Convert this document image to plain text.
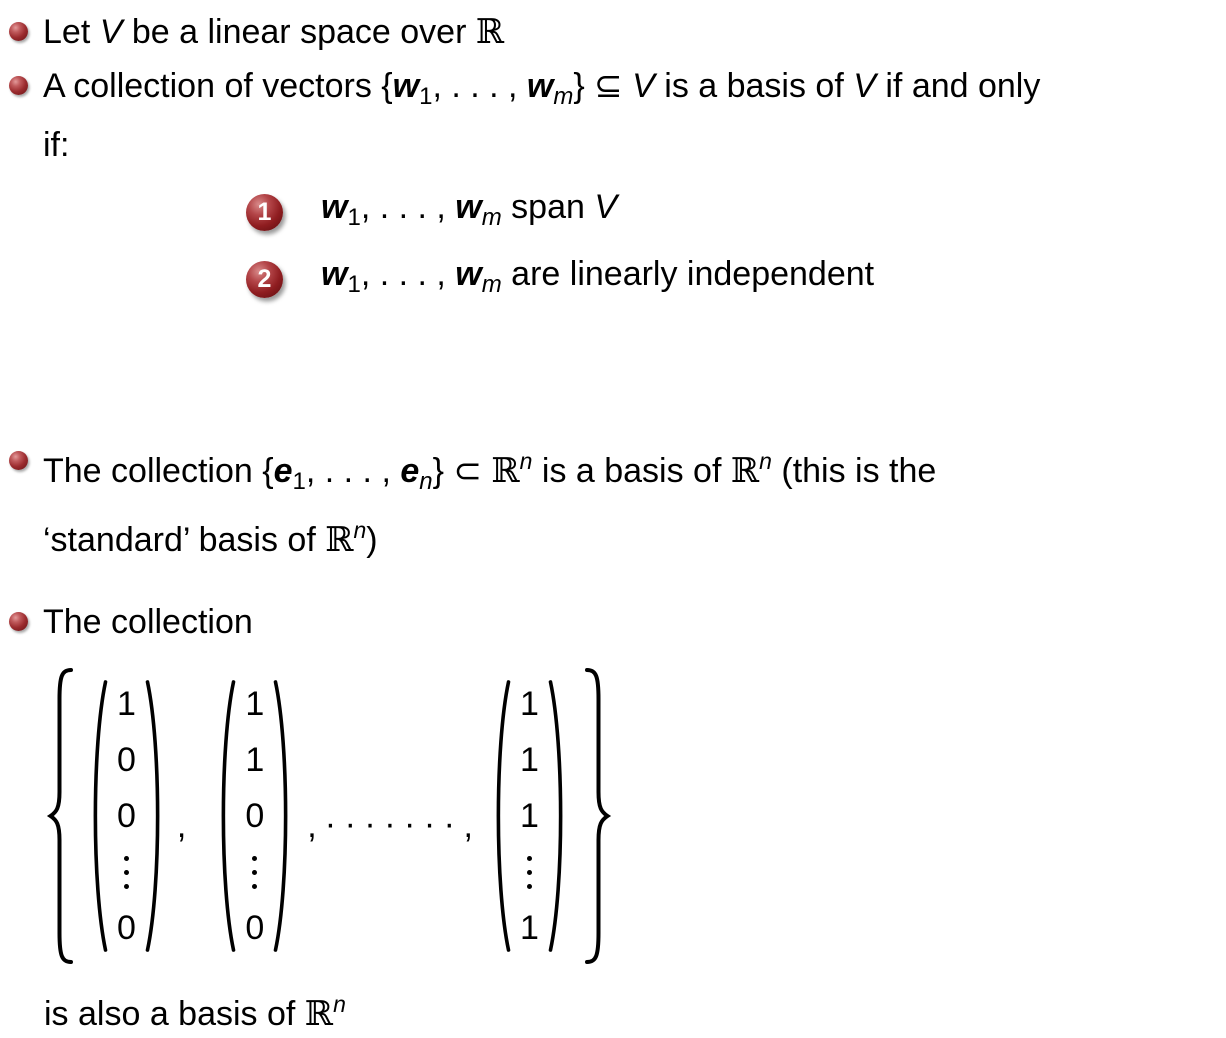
Let V be a linear space over ℝ
A collection of vectors {$w_1$, . . . , $w_m$} ⊆ V is a basis of V if and only
if:
1 $w_1$, . . . , $w_m$ span V
2 $w_1$, . . . , $w_m$ are linearly independent
The collection {$e_1$, . . . , $e_n$} ⊂ ℝ$^n$ is a basis of ℝ$^n$ (this is the
‘standard’ basis of ℝ$^n$)
The collection
1
0
0
0
,
1
1
0
0
, ······· ,
1
1
1
1
is also a basis of ℝ$^n$
